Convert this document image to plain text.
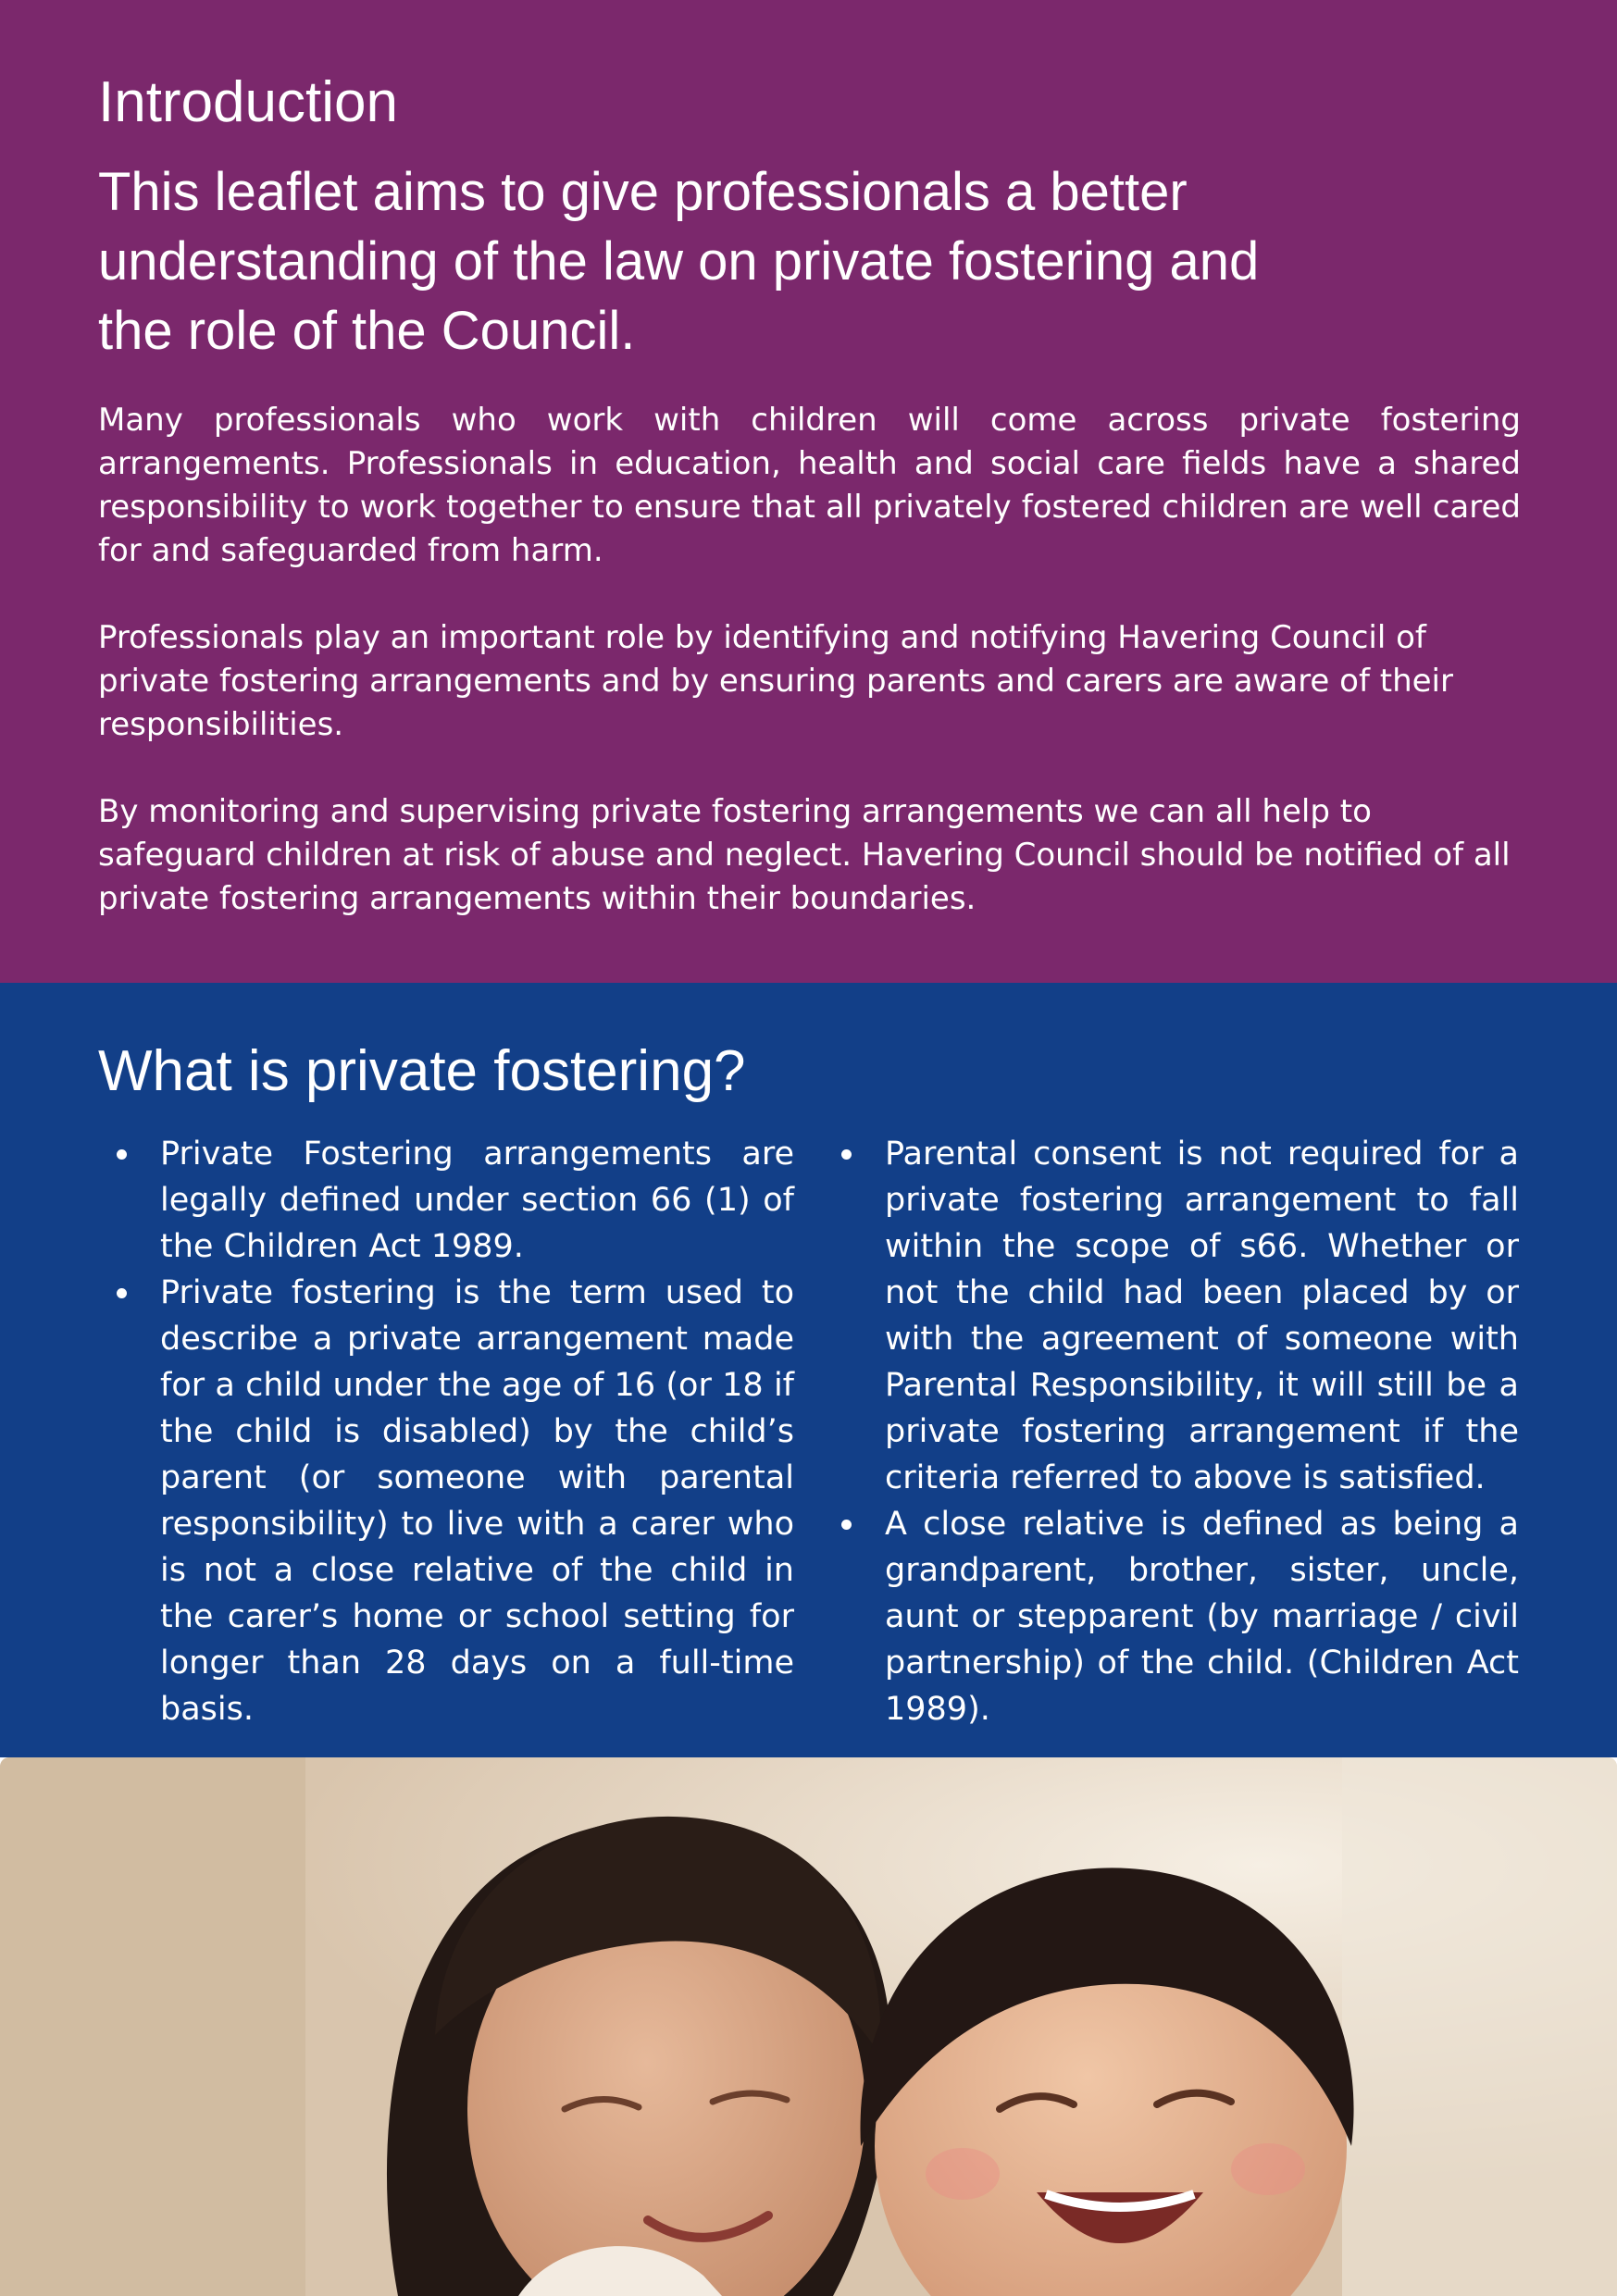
Introduction
This leaflet aims to give professionals a better understanding of the law on private fostering and the role of the Council.

Many professionals who work with children will come across private fostering arrangements. Professionals in education, health and social care fields have a shared responsibility to work together to ensure that all privately fostered children are well cared for and safeguarded from harm.

Professionals play an important role by identifying and notifying Havering Council of private fostering arrangements and by ensuring parents and carers are aware of their responsibilities.

By monitoring and supervising private fostering arrangements we can all help to safeguard children at risk of abuse and neglect. Havering Council should be notified of all private fostering arrangements within their boundaries.

What is private fostering?
Private Fostering arrangements are legally defined under section 66 (1) of the Children Act 1989.
Private fostering is the term used to describe a private arrangement made for a child under the age of 16 (or 18 if the child is disabled) by the child’s parent (or someone with parental responsibility) to live with a carer who is not a close relative of the child in the carer’s home or school setting for longer than 28 days on a full-time basis.
Parental consent is not required for a private fostering arrangement to fall within the scope of s66. Whether or not the child had been placed by or with the agreement of someone with Parental Responsibility, it will still be a private fostering arrangement if the criteria referred to above is satisfied.
A close relative is defined as being a grandparent, brother, sister, uncle, aunt or stepparent (by marriage / civil partnership) of the child. (Children Act 1989).
